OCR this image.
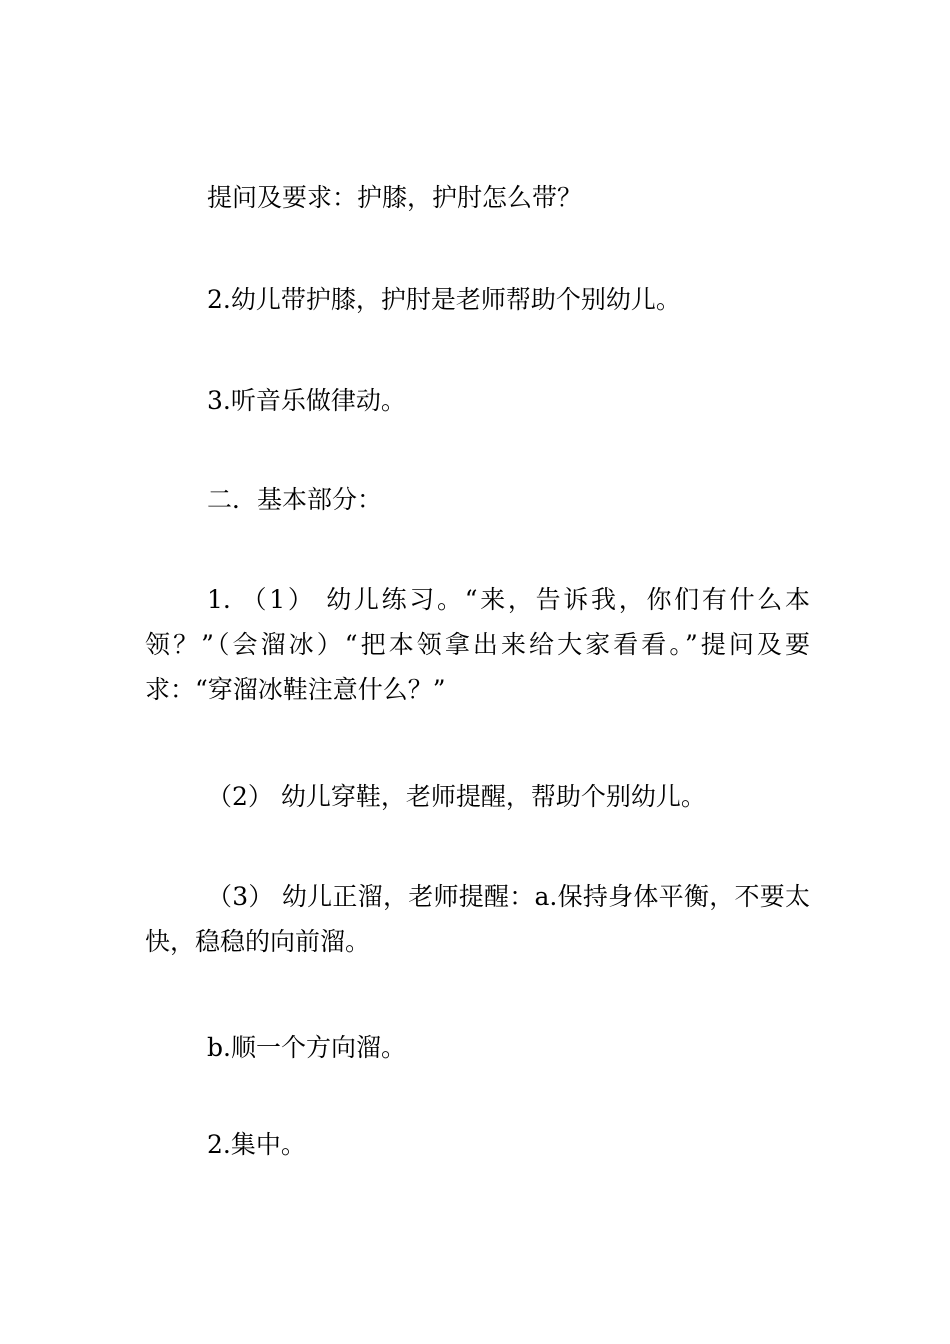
提问及要求：护膝，护肘怎么带？

2.幼儿带护膝，护肘是老师帮助个别幼儿。

3.听音乐做律动。

二．基本部分：

1. （1） 幼儿练习。“来，告诉我，你们有什么本领？”（会溜冰）“把本领拿出来给大家看看。”提问及要求：“穿溜冰鞋注意什么？”

（2） 幼儿穿鞋，老师提醒，帮助个别幼儿。

（3） 幼儿正溜，老师提醒：a.保持身体平衡，不要太快，稳稳的向前溜。

b.顺一个方向溜。

2.集中。
